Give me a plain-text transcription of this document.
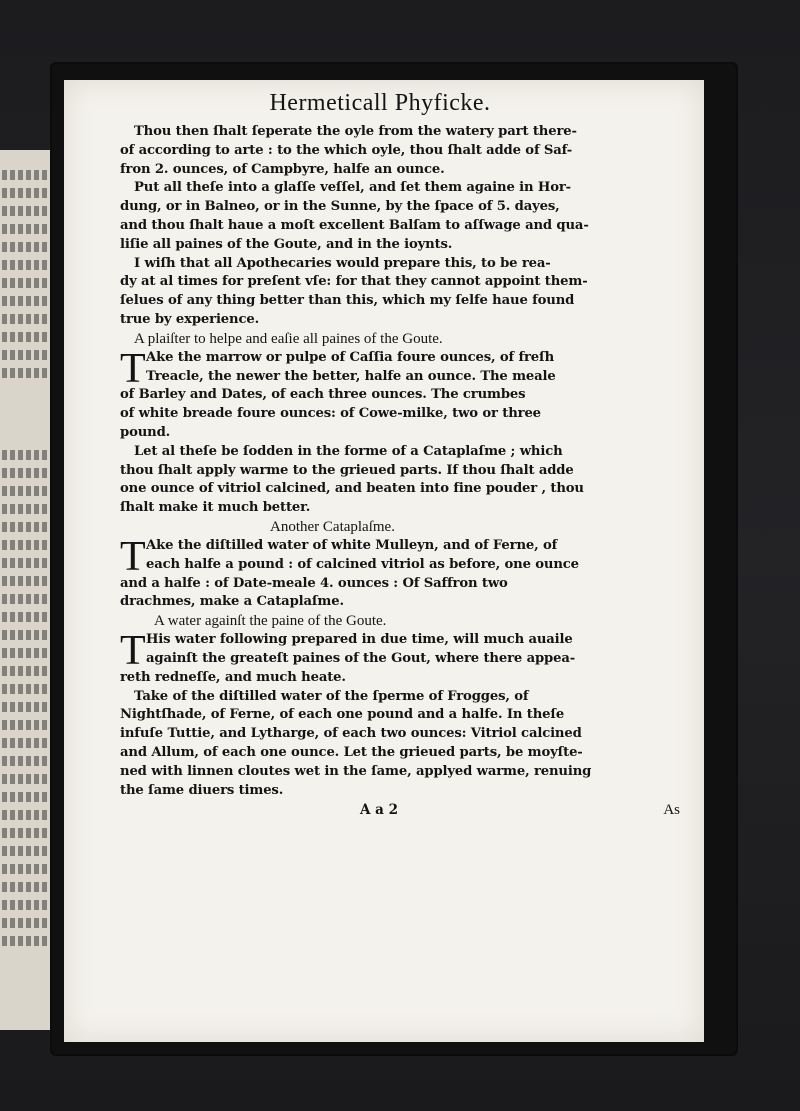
Hermeticall Phyficke.
Thou then ſhalt ſeperate the oyle from the watery part there-
of according to arte : to the which oyle, thou ſhalt adde of Saf-
fron 2. ounces, of Campbyre, halfe an ounce.
Put all theſe into a glaſſe veſſel, and ſet them againe in Hor-
dung, or in Balneo, or in the Sunne, by the ſpace of 5. dayes,
and thou ſhalt haue a moſt excellent Balſam to aſſwage and qua-
liſie all paines of the Goute, and in the ioynts.
I wiſh that all Apothecaries would prepare this, to be rea-
dy at al times for preſent vſe: for that they cannot appoint them-
ſelues of any thing better than this, which my ſelfe haue found
true by experience.
A plaiſter to helpe and eaſie all paines of the Goute.
T Ake the marrow or pulpe of Caſſia foure ounces, of freſh
Treacle, the newer the better, halfe an ounce. The meale
of Barley and Dates, of each three ounces. The crumbes
of white breade foure ounces: of Cowe-milke, two or three
pound.
Let al theſe be ſodden in the forme of a Cataplaſme ; which
thou ſhalt apply warme to the grieued parts. If thou ſhalt adde
one ounce of vitriol calcined, and beaten into fine pouder , thou
ſhalt make it much better.
Another Cataplaſme.
T Ake the diſtilled water of white Mulleyn, and of Ferne, of
each halfe a pound : of calcined vitriol as before, one ounce
and a halfe : of Date-meale 4. ounces : Of Saffron two
drachmes, make a Cataplaſme.
A water againſt the paine of the Goute.
T His water following prepared in due time, will much auaile
againſt the greateſt paines of the Gout, where there appea-
reth redneſſe, and much heate.
Take of the diſtilled water of the ſperme of Frogges, of
Nightſhade, of Ferne, of each one pound and a halfe. In theſe
infuſe Tuttie, and Lytharge, of each two ounces: Vitriol calcined
and Allum, of each one ounce. Let the grieued parts, be moyſte-
ned with linnen cloutes wet in the ſame, applyed warme, renuing
the ſame diuers times.
A a 2	As
